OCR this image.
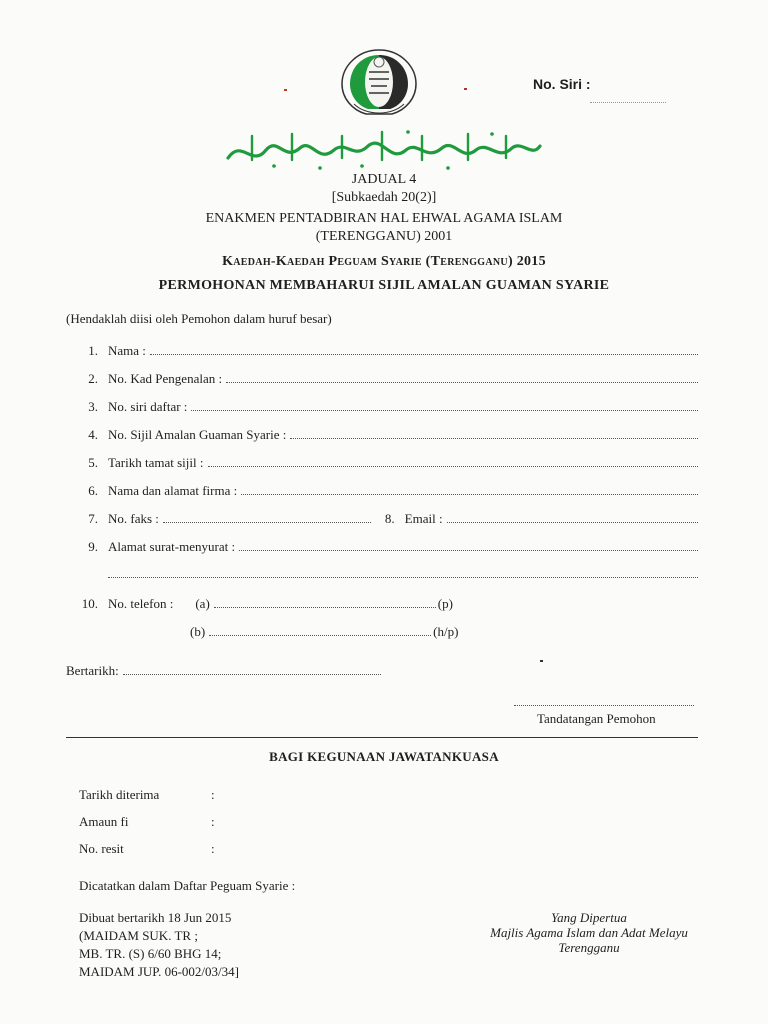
No. Siri :
JADUAL 4
[Subkaedah 20(2)]
ENAKMEN PENTADBIRAN HAL EHWAL AGAMA ISLAM
(TERENGGANU) 2001
Kaedah-Kaedah Peguam Syarie (Terengganu) 2015
PERMOHONAN MEMBAHARUI SIJIL AMALAN GUAMAN SYARIE
(Hendaklah diisi oleh Pemohon dalam huruf besar)
1. Nama :
2. No. Kad Pengenalan :
3. No. siri daftar :
4. No. Sijil Amalan Guaman Syarie :
5. Tarikh tamat sijil :
6. Nama dan alamat firma :
7. No. faks :	8. Email :
9. Alamat surat-menyurat :
10. No. telefon : (a)	(p)
(b)	(h/p)
Bertarikh:
Tandatangan Pemohon
BAGI KEGUNAAN JAWATANKUASA
Tarikh diterima	:
Amaun fi	:
No. resit	:
Dicatatkan dalam Daftar Peguam Syarie :
Dibuat bertarikh 18 Jun 2015
(MAIDAM SUK. TR ;
MB. TR. (S) 6/60 BHG 14;
MAIDAM JUP. 06-002/03/34]
Yang Dipertua
Majlis Agama Islam dan Adat Melayu
Terengganu
